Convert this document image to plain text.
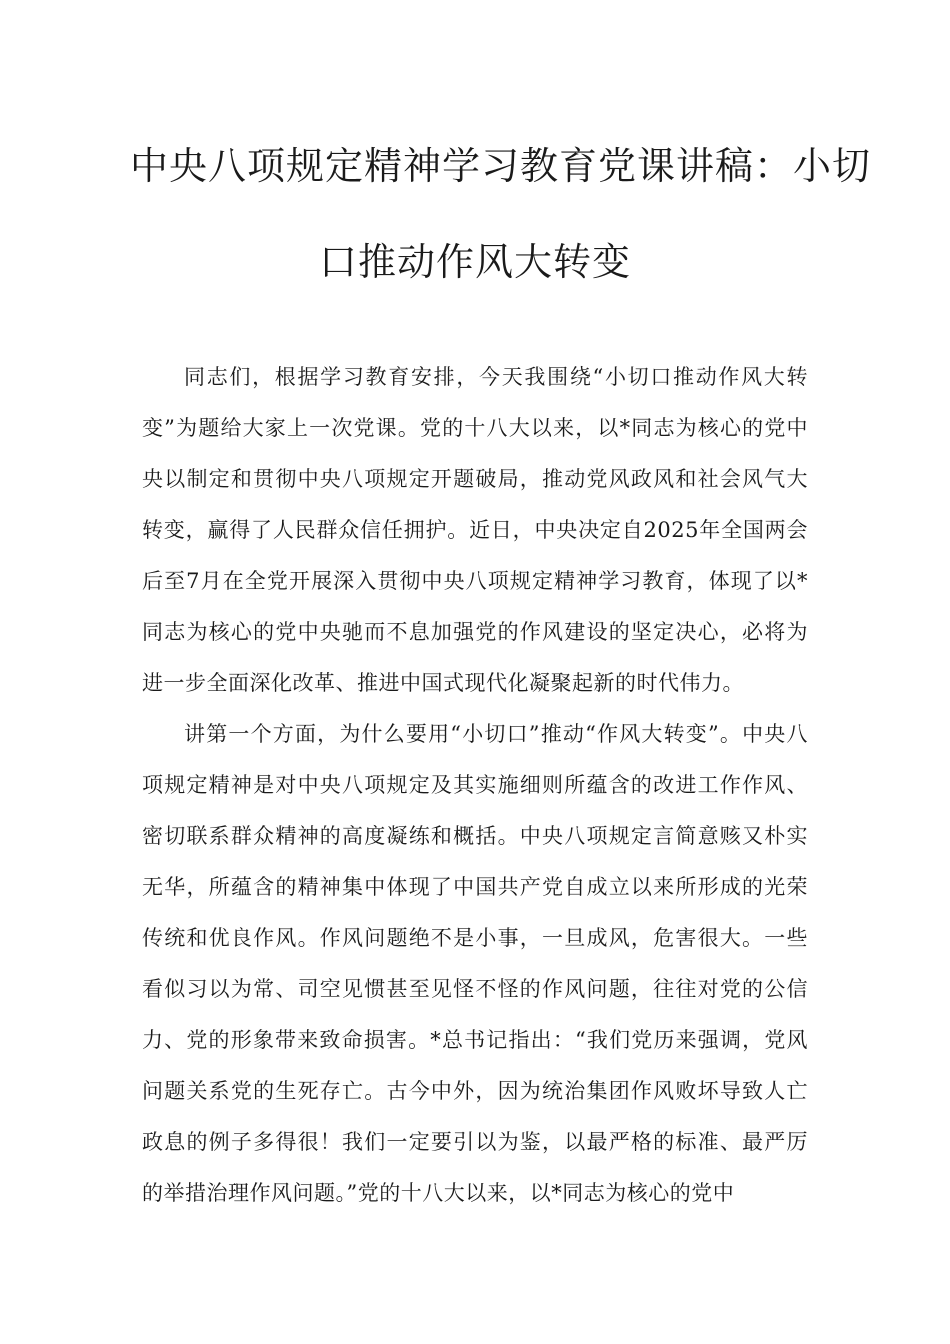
中央八项规定精神学习教育党课讲稿：小切
口推动作风大转变

同志们，根据学习教育安排，今天我围绕“小切口推动作风大转变”为题给大家上一次党课。党的十八大以来，以*同志为核心的党中央以制定和贯彻中央八项规定开题破局，推动党风政风和社会风气大转变，赢得了人民群众信任拥护。近日，中央决定自2025年全国两会后至7月在全党开展深入贯彻中央八项规定精神学习教育，体现了以*同志为核心的党中央驰而不息加强党的作风建设的坚定决心，必将为进一步全面深化改革、推进中国式现代化凝聚起新的时代伟力。

讲第一个方面，为什么要用“小切口”推动“作风大转变”。中央八项规定精神是对中央八项规定及其实施细则所蕴含的改进工作作风、密切联系群众精神的高度凝练和概括。中央八项规定言简意赅又朴实无华，所蕴含的精神集中体现了中国共产党自成立以来所形成的光荣传统和优良作风。作风问题绝不是小事，一旦成风，危害很大。一些看似习以为常、司空见惯甚至见怪不怪的作风问题，往往对党的公信力、党的形象带来致命损害。*总书记指出：“我们党历来强调，党风问题关系党的生死存亡。古今中外，因为统治集团作风败坏导致人亡政息的例子多得很！我们一定要引以为鉴，以最严格的标准、最严厉的举措治理作风问题。”党的十八大以来，以*同志为核心的党中
